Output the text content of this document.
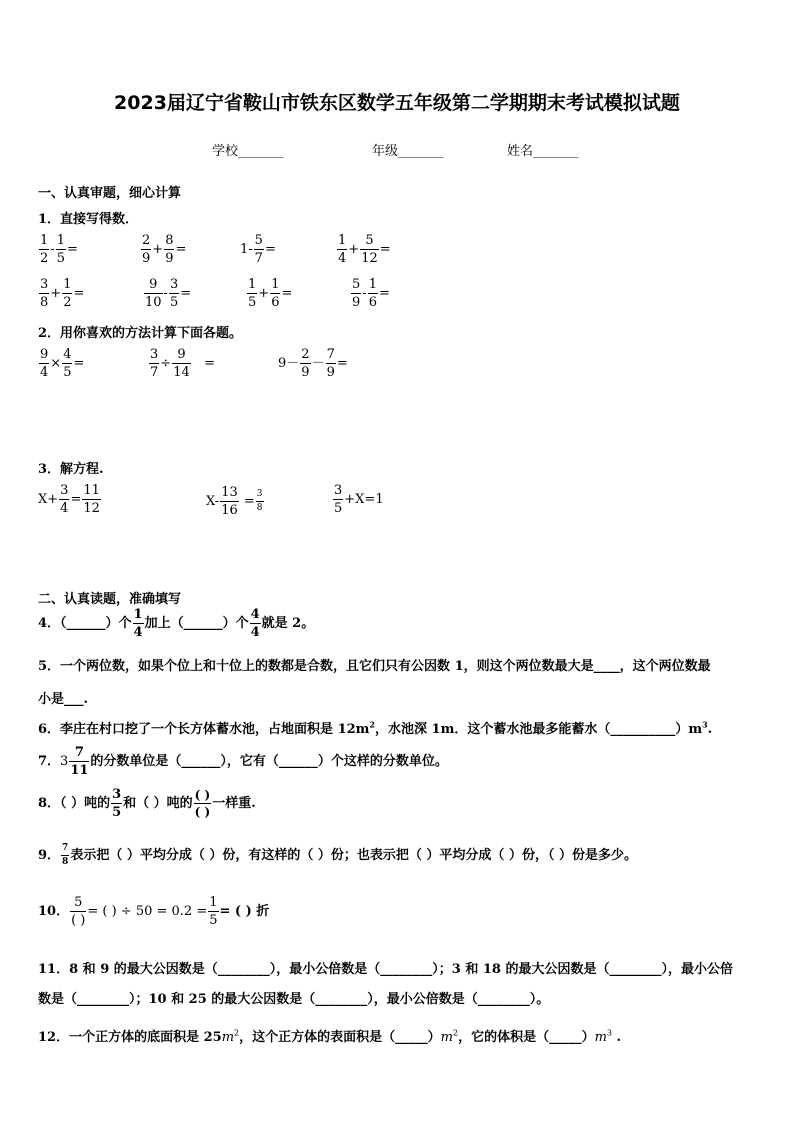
2023届辽宁省鞍山市铁东区数学五年级第二学期期末考试模拟试题
学校_______	年级_______	姓名_______
一、认真审题，细心计算
1．直接写得数．
$\frac{1}{2} - \frac{1}{5}$ =	$\frac{2}{9} + \frac{8}{9}$ =	$1- \frac{5}{7}$ =	$\frac{1}{4} + \frac{5}{12}$ =
$\frac{3}{8} + \frac{1}{2}$ =	$\frac{9}{10} - \frac{3}{5}$ =	$\frac{1}{5} + \frac{1}{6}$ =	$\frac{5}{9} - \frac{1}{6}$ =
2．用你喜欢的方法计算下面各题。
$\frac{9}{4} \times \frac{4}{5}$ =	$\frac{3}{7} \div \frac{9}{14}$ =	$9- \frac{2}{9} - \frac{7}{9}$ =
3．解方程.
$X+ \frac{3}{4} = \frac{11}{12}$	$X- \frac{13}{16} = \frac{3}{8}$	$\frac{3}{5} +X=1$
二、认真读题，准确填写
4．（______）个 $\frac{1}{4}$ 加上（______）个 $\frac{4}{4}$ 就是 2。
5．一个两位数，如果个位上和十位上的数都是合数，且它们只有公因数 1，则这个两位数最大是____，这个两位数最
小是___.
6．李庄在村口挖了一个长方体蓄水池，占地面积是 $12m^2$，水池深 1m．这个蓄水池最多能蓄水$(\_\_\_\_\_\_\_\_\_\_)m^3$.
7．$3 \frac{7}{11}$ 的分数单位是（______），它有（______）个这样的分数单位。
8．（ ）吨的 $\frac{3}{5}$ 和（ ）吨的 $\frac{( )}{( )}$ 一样重.
9． $\frac{7}{8}$ 表示把（ ）平均分成（ ）份，有这样的（ ）份；也表示把（ ）平均分成（ ）份，（ ）份是多少。
10． $\frac{5}{( )}$ = ( ) ÷ $50 = 0.2 = \frac{1}{5}$ = ( ) 折
11．8 和 9 的最大公因数是（________），最小公倍数是（________）；3 和 18 的最大公因数是（________），最小公倍
数是（________）；10 和 25 的最大公因数是（________），最小公倍数是（________）。
12．一个正方体的底面积是 $25m^2$，这个正方体的表面积是$(\_\_\_\_\_)m^2$，它的体积是$(\_\_\_\_\_)m^3$ .
